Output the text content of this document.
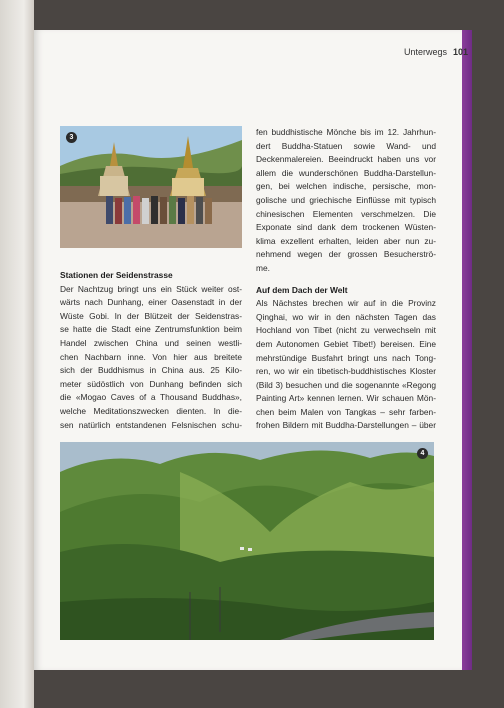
Unterwegs 101
3

Stationen der Seidenstrasse

Der Nachtzug bringt uns ein Stück weiter ost-
wärts nach Dunhang, einer Oasenstadt in der
Wüste Gobi. In der Blützeit der Seidenstras-
se hatte die Stadt eine Zentrumsfunktion beim
Handel zwischen China und seinen westli-
chen Nachbarn inne. Von hier aus breitete
sich der Buddhismus in China aus. 25 Kilo-
meter südöstlich von Dunhang befinden sich
die «Mogao Caves of a Thousand Buddhas»,
welche Meditationszwecken dienten. In die-
sen natürlich entstandenen Felsnischen schu-

fen buddhistische Mönche bis im 12. Jahrhun-
dert Buddha-Statuen sowie Wand- und
Deckenmalereien. Beeindruckt haben uns vor
allem die wunderschönen Buddha-Darstellun-
gen, bei welchen indische, persische, mon-
golische und griechische Einflüsse mit typisch
chinesischen Elementen verschmelzen. Die
Exponate sind dank dem trockenen Wüsten-
klima exzellent erhalten, leiden aber nun zu-
nehmend wegen der grossen Besucherströ-
me.

Auf dem Dach der Welt

Als Nächstes brechen wir auf in die Provinz
Qinghai, wo wir in den nächsten Tagen das
Hochland von Tibet (nicht zu verwechseln mit
dem Autonomen Gebiet Tibet!) bereisen. Eine
mehrstündige Busfahrt bringt uns nach Tong-
ren, wo wir ein tibetisch-buddhistisches Kloster
(Bild 3) besuchen und die sogenannte «Regong
Painting Art» kennen lernen. Wir schauen Mön-
chen beim Malen von Tangkas – sehr farben-
frohen Bildern mit Buddha-Darstellungen – über

4
